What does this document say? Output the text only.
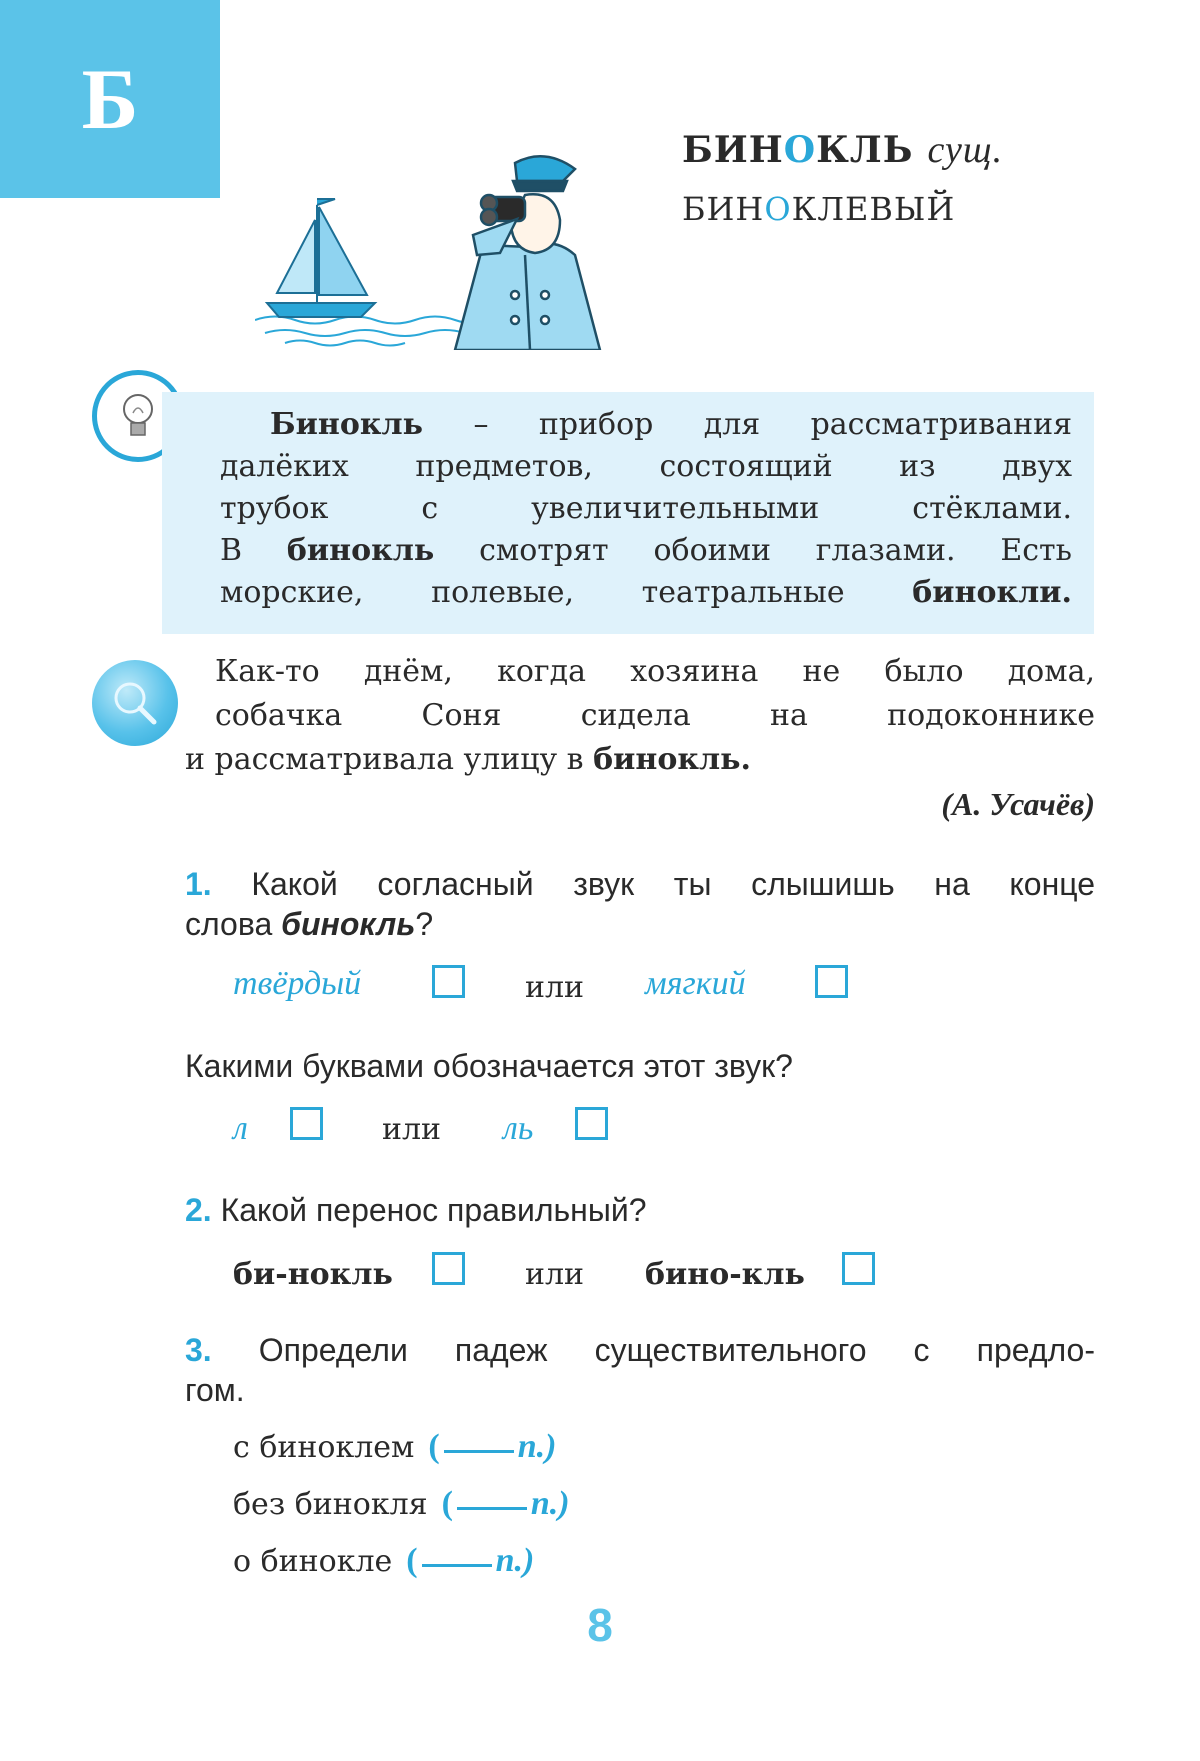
Б
БИНОКЛЬ сущ.
БИНОКЛЕВЫЙ
Бинокль – прибор для рассматривания
далёких предметов, состоящий из двух
трубок с увеличительными стёклами.
В бинокль смотрят обоими глазами. Есть
морские, полевые, театральные бинокли.
Как-то днём, когда хозяина не было дома,
собачка Соня сидела на подоконнике
и рассматривала улицу в бинокль.
(А. Усачёв)
1. Какой согласный звук ты слышишь на конце
слова бинокль?
твёрдый	или мягкий
Какими буквами обозначается этот звук?
л	или ль
2. Какой перенос правильный?
би-нокль	или бино-кль
3. Определи падеж существительного с предло-
гом.
с биноклем ( п.)
без бинокля ( п.)
о бинокле ( п.)
8
